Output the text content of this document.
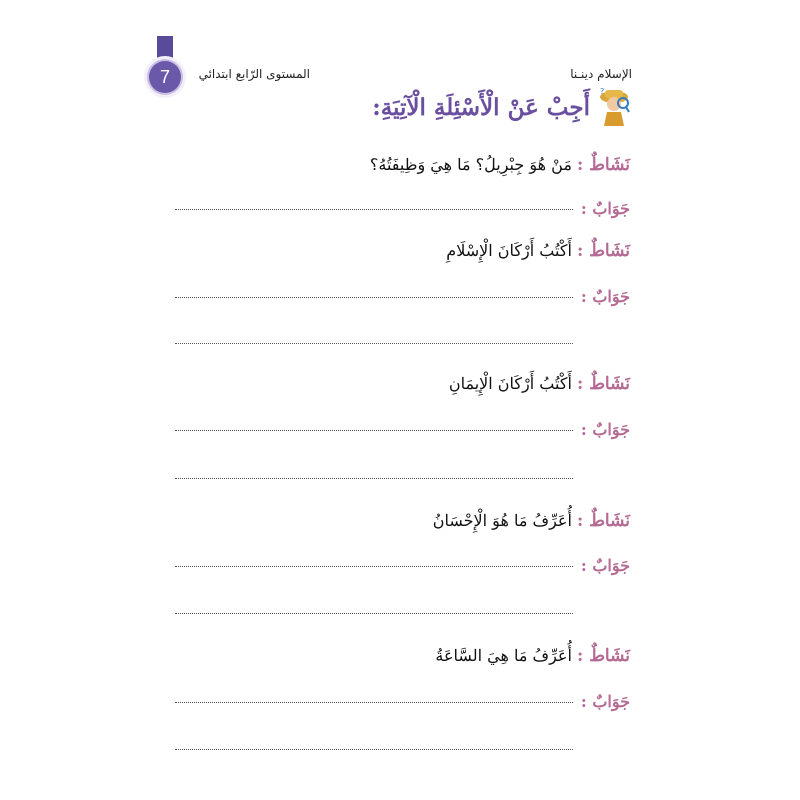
7	المستوى الرّابع ابتدائي	الإسلام دينـنا
?
أَجِبْ عَنْ الْأَسْئِلَةِ الْآتِيَةِ:
نَشَاطٌ : مَنْ هُوَ جِبْرِيلُ؟ مَا هِيَ وَظِيفَتُهُ؟
جَوَابٌ :
نَشَاطٌ : أَكْتُبُ أَرْكَانَ الْإِسْلَامِ
جَوَابٌ :
نَشَاطٌ : أَكْتُبُ أَرْكَانَ الْإِيمَانِ
جَوَابٌ :
نَشَاطٌ : أُعَرِّفُ مَا هُوَ الْإِحْسَانُ
جَوَابٌ :
نَشَاطٌ : أُعَرِّفُ مَا هِيَ السَّاعَةُ
جَوَابٌ :
